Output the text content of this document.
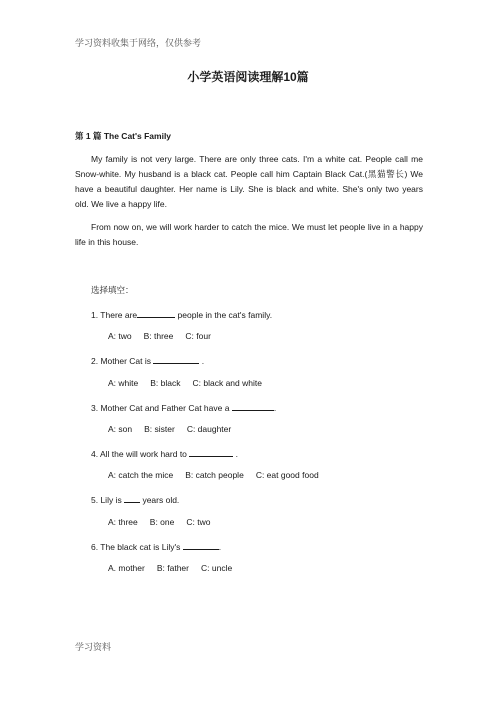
学习资料收集于网络，仅供参考
小学英语阅读理解10篇
第 1 篇 The Cat's Family
My family is not very large. There are only three cats. I'm a white cat. People call me Snow-white. My husband is a black cat. People call him Captain Black Cat.(黑猫警长) We have a beautiful daughter. Her name is Lily. She is black and white. She's only two years old. We live a happy life.
From now on, we will work harder to catch the mice. We must let people live in a happy life in this house.
选择填空：
1. There are	people in the cat's family.
A: two B: three C: four
2. Mother Cat is	.
A: white B: black C: black and white
3. Mother Cat and Father Cat have a	.
A: son B: sister C: daughter
4. All the will work hard to	.
A: catch the mice B: catch people C: eat good food
5. Lily is  years old.
A: three B: one C: two
6. The black cat is Lily's	.
A. mother B: father C: uncle
学习资料
